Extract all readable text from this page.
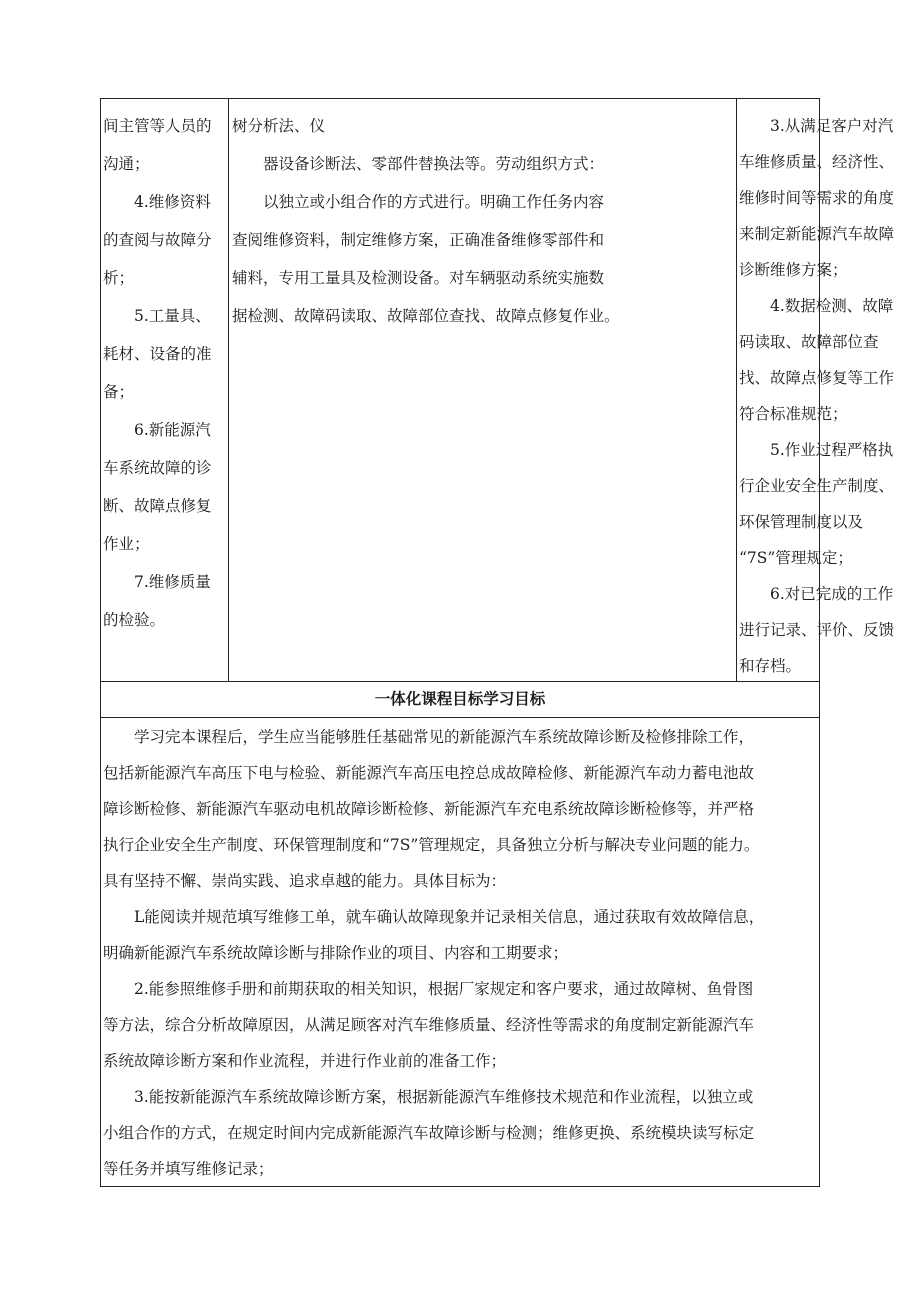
间主管等人员的

沟通；

　　4.维修资料

的查阅与故障分

析；

　　5.工量具、

耗材、设备的准

备；

　　6.新能源汽

车系统故障的诊

断、故障点修复

作业；

　　7.维修质量

的检验。

树分析法、仪

　　器设备诊断法、零部件替换法等。劳动组织方式：

　　以独立或小组合作的方式进行。明确工作任务内容

查阅维修资料，制定维修方案，正确准备维修零部件和

辅料，专用工量具及检测设备。对车辆驱动系统实施数

据检测、故障码读取、故障部位查找、故障点修复作业。

　　3.从满足客户对汽

车维修质量、经济性、

维修时间等需求的角度

来制定新能源汽车故障

诊断维修方案；

　　4.数据检测、故障

码读取、故障部位查

找、故障点修复等工作

符合标准规范；

　　5.作业过程严格执

行企业安全生产制度、

环保管理制度以及

“7S”管理规定；

　　6.对已完成的工作

进行记录、评价、反馈

和存档。

一体化课程目标学习目标

　　学习完本课程后，学生应当能够胜任基础常见的新能源汽车系统故障诊断及检修排除工作，

包括新能源汽车高压下电与检验、新能源汽车高压电控总成故障检修、新能源汽车动力蓄电池故

障诊断检修、新能源汽车驱动电机故障诊断检修、新能源汽车充电系统故障诊断检修等，并严格

执行企业安全生产制度、环保管理制度和“7S”管理规定，具备独立分析与解决专业问题的能力。

具有坚持不懈、崇尚实践、追求卓越的能力。具体目标为：

　　L能阅读并规范填写维修工单，就车确认故障现象并记录相关信息，通过获取有效故障信息，

明确新能源汽车系统故障诊断与排除作业的项目、内容和工期要求；

　　2.能参照维修手册和前期获取的相关知识，根据厂家规定和客户要求，通过故障树、鱼骨图

等方法，综合分析故障原因，从满足顾客对汽车维修质量、经济性等需求的角度制定新能源汽车

系统故障诊断方案和作业流程，并进行作业前的准备工作；

　　3.能按新能源汽车系统故障诊断方案，根据新能源汽车维修技术规范和作业流程，以独立或

小组合作的方式，在规定时间内完成新能源汽车故障诊断与检测；维修更换、系统模块读写标定

等任务并填写维修记录；
